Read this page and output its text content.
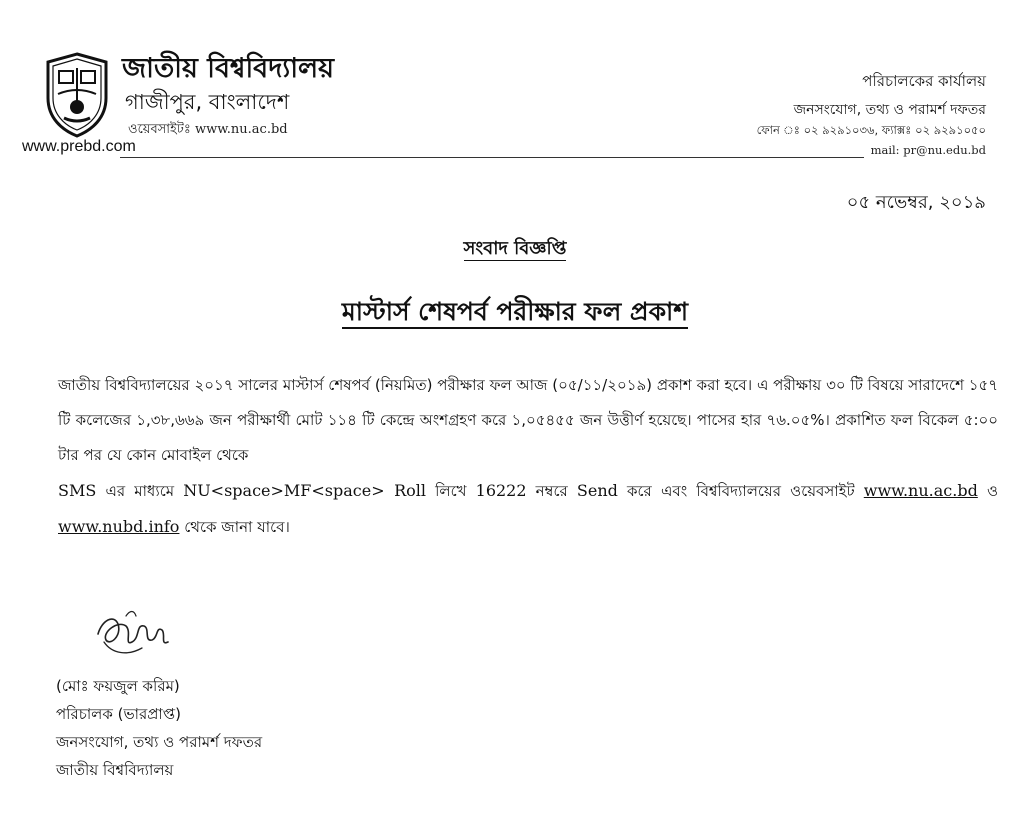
জাতীয় বিশ্ববিদ্যালয়
গাজীপুর, বাংলাদেশ
ওয়েবসাইটঃ www.nu.ac.bd
www.prebd.com
পরিচালকের কার্যালয়
জনসংযোগ, তথ্য ও পরামর্শ দফতর
ফোন ঃ ০২ ৯২৯১০৩৬, ফ্যাক্সঃ ০২ ৯২৯১০৫০
mail: pr@nu.edu.bd
০৫ নভেম্বর, ২০১৯
সংবাদ বিজ্ঞপ্তি
মাস্টার্স শেষপর্ব পরীক্ষার ফল প্রকাশ
জাতীয় বিশ্ববিদ্যালয়ের ২০১৭ সালের মাস্টার্স শেষপর্ব (নিয়মিত) পরীক্ষার ফল আজ (০৫/১১/২০১৯) প্রকাশ করা হবে। এ পরীক্ষায় ৩০ টি বিষয়ে সারাদেশে ১৫৭ টি কলেজের ১,৩৮,৬৬৯ জন পরীক্ষার্থী মোট ১১৪ টি কেন্দ্রে অংশগ্রহণ করে ১,০৫৪৫৫ জন উত্তীর্ণ হয়েছে। পাসের হার ৭৬.০৫%। প্রকাশিত ফল বিকেল ৫:০০ টার পর যে কোন মোবাইল থেকে
SMS এর মাধ্যমে NU<space>MF<space> Roll লিখে 16222 নম্বরে Send করে এবং বিশ্ববিদ্যালয়ের ওয়েবসাইট www.nu.ac.bd ও www.nubd.info থেকে জানা যাবে।
(মোঃ ফয়জুল করিম)
পরিচালক (ভারপ্রাপ্ত)
জনসংযোগ, তথ্য ও পরামর্শ দফতর
জাতীয় বিশ্ববিদ্যালয়
